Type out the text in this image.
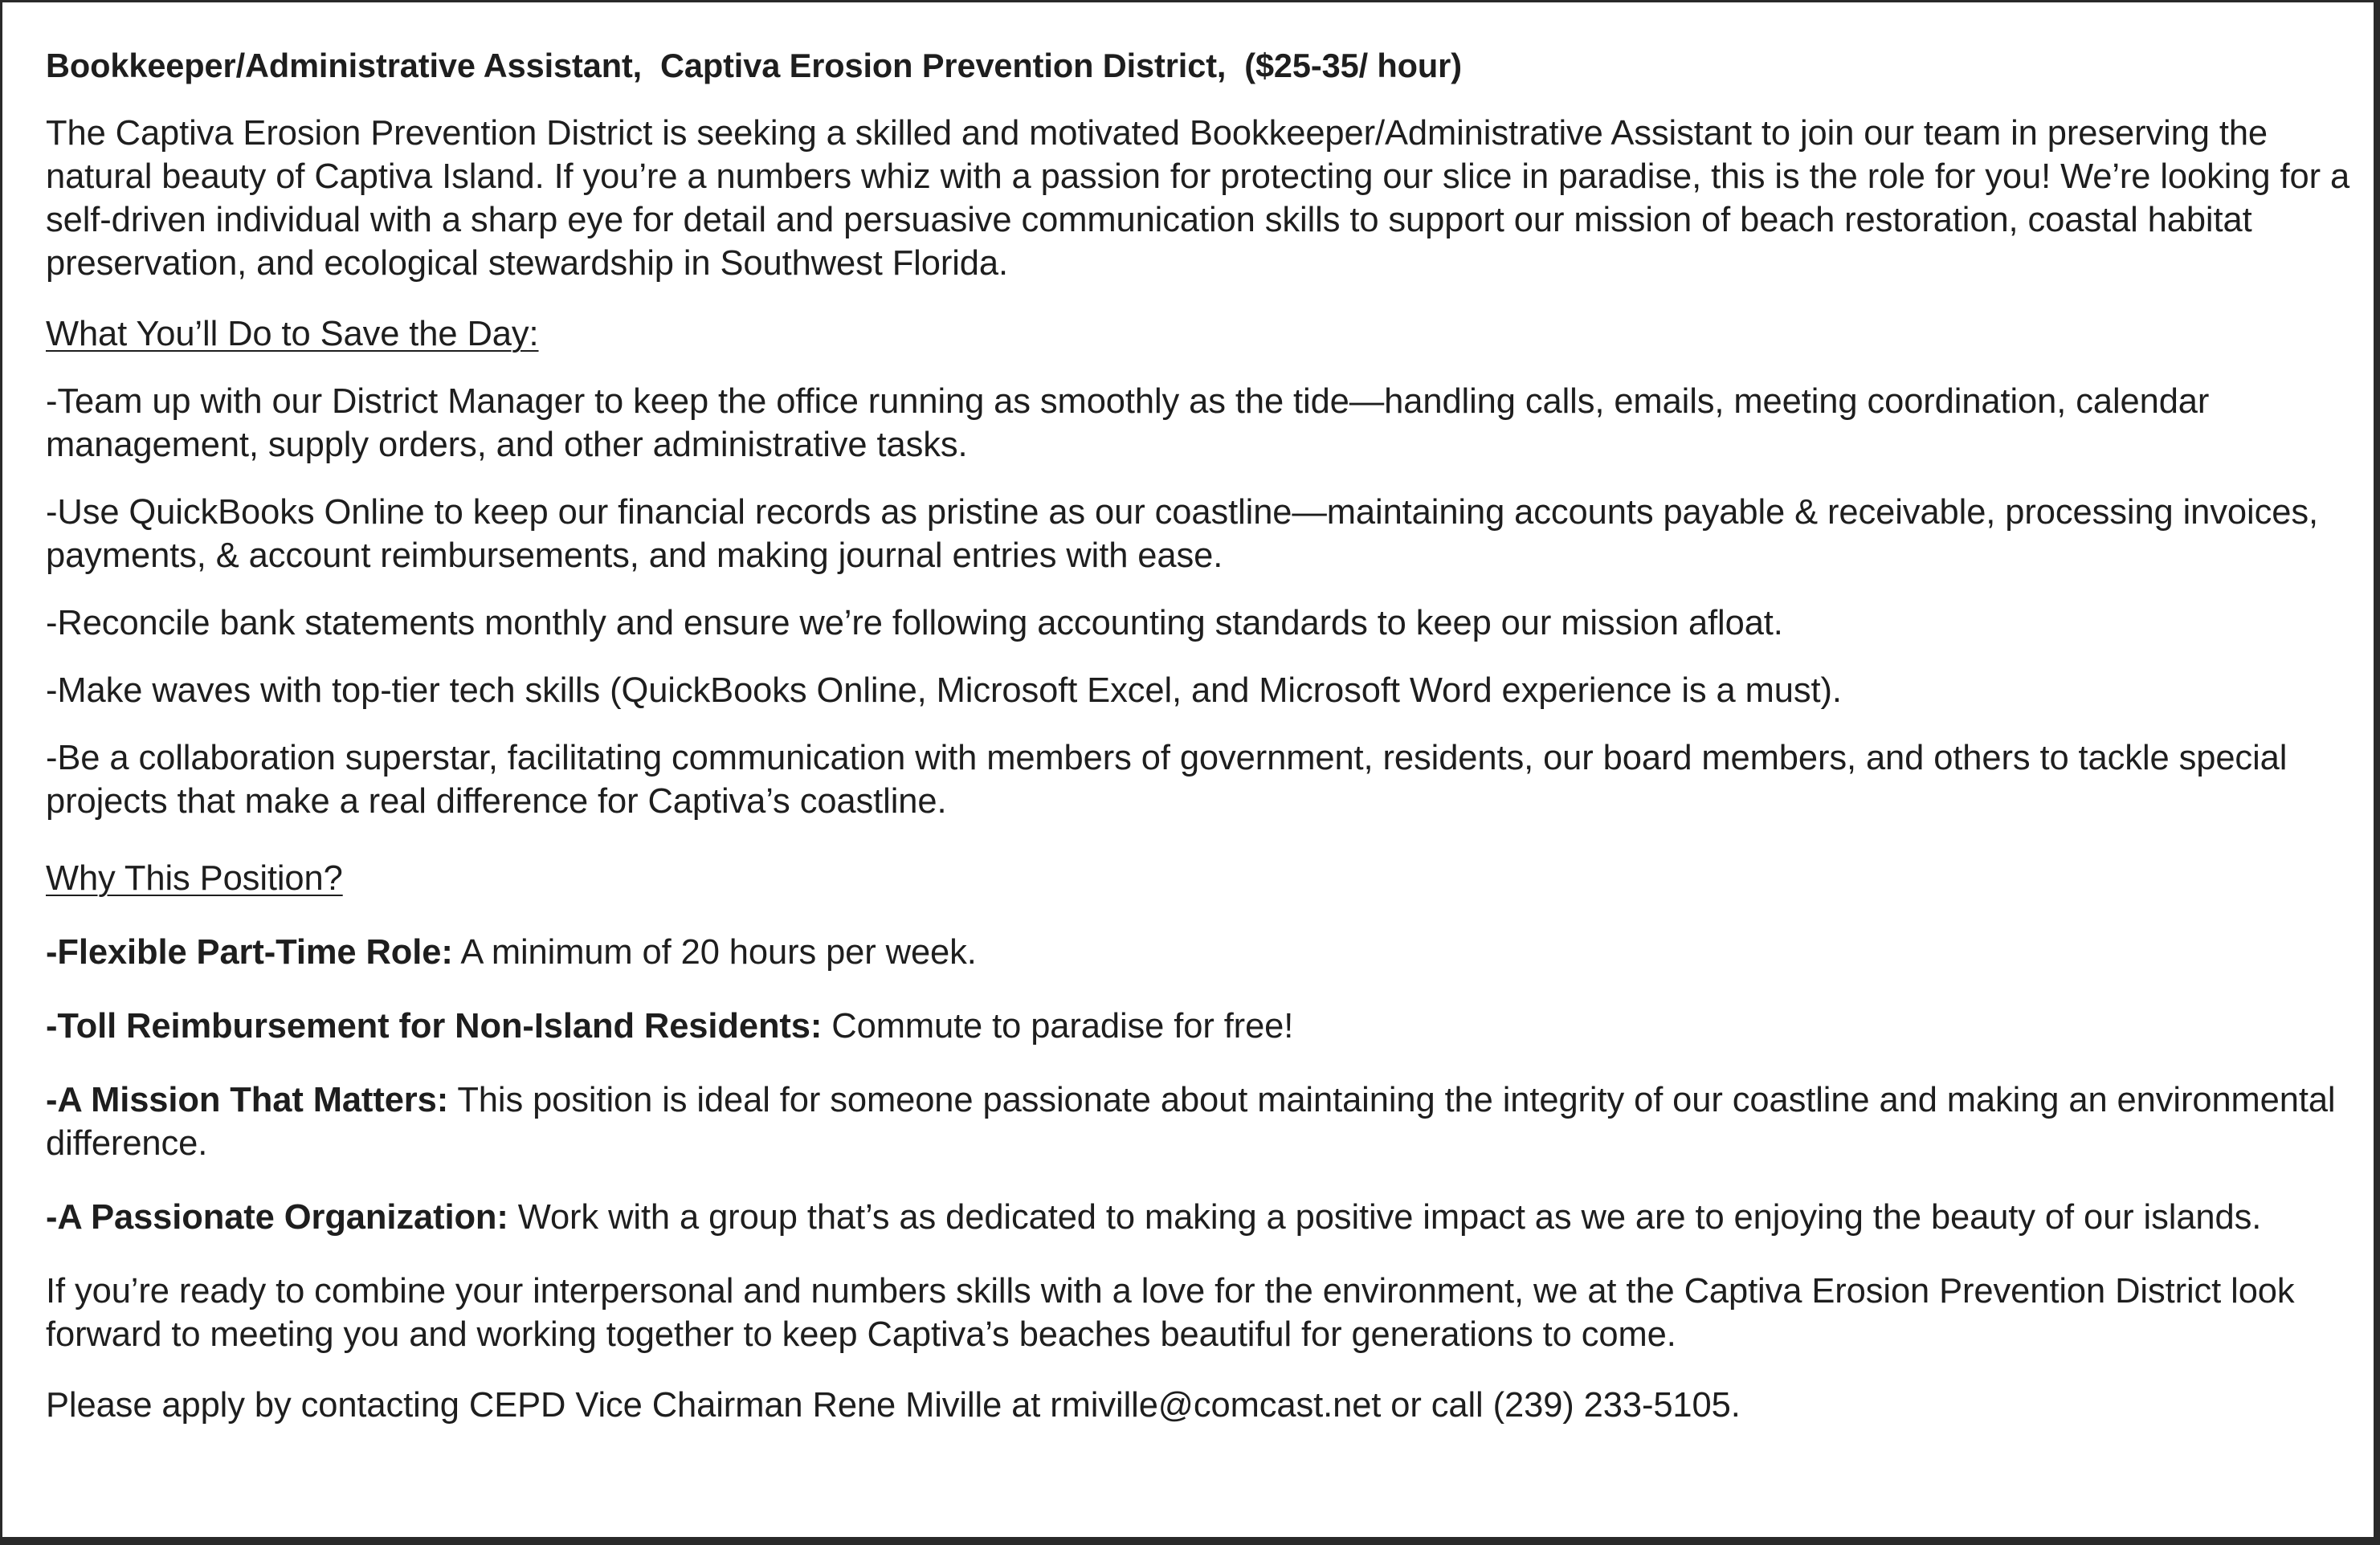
Bookkeeper/Administrative Assistant, Captiva Erosion Prevention District, ($25-35/ hour)

The Captiva Erosion Prevention District is seeking a skilled and motivated Bookkeeper/Administrative Assistant to join our team in preserving the natural beauty of Captiva Island. If you’re a numbers whiz with a passion for protecting our slice in paradise, this is the role for you! We’re looking for a self-driven individual with a sharp eye for detail and persuasive communication skills to support our mission of beach restoration, coastal habitat preservation, and ecological stewardship in Southwest Florida.

What You’ll Do to Save the Day:

-Team up with our District Manager to keep the office running as smoothly as the tide—handling calls, emails, meeting coordination, calendar management, supply orders, and other administrative tasks.

-Use QuickBooks Online to keep our financial records as pristine as our coastline—maintaining accounts payable & receivable, processing invoices, payments, & account reimbursements, and making journal entries with ease.

-Reconcile bank statements monthly and ensure we’re following accounting standards to keep our mission afloat.

-Make waves with top-tier tech skills (QuickBooks Online, Microsoft Excel, and Microsoft Word experience is a must).

-Be a collaboration superstar, facilitating communication with members of government, residents, our board members, and others to tackle special projects that make a real difference for Captiva’s coastline.

Why This Position?

-Flexible Part-Time Role: A minimum of 20 hours per week.

-Toll Reimbursement for Non-Island Residents: Commute to paradise for free!

-A Mission That Matters: This position is ideal for someone passionate about maintaining the integrity of our coastline and making an environmental difference.

-A Passionate Organization: Work with a group that’s as dedicated to making a positive impact as we are to enjoying the beauty of our islands.

If you’re ready to combine your interpersonal and numbers skills with a love for the environment, we at the Captiva Erosion Prevention District look forward to meeting you and working together to keep Captiva’s beaches beautiful for generations to come.

Please apply by contacting CEPD Vice Chairman Rene Miville at rmiville@comcast.net or call (239) 233-5105.
